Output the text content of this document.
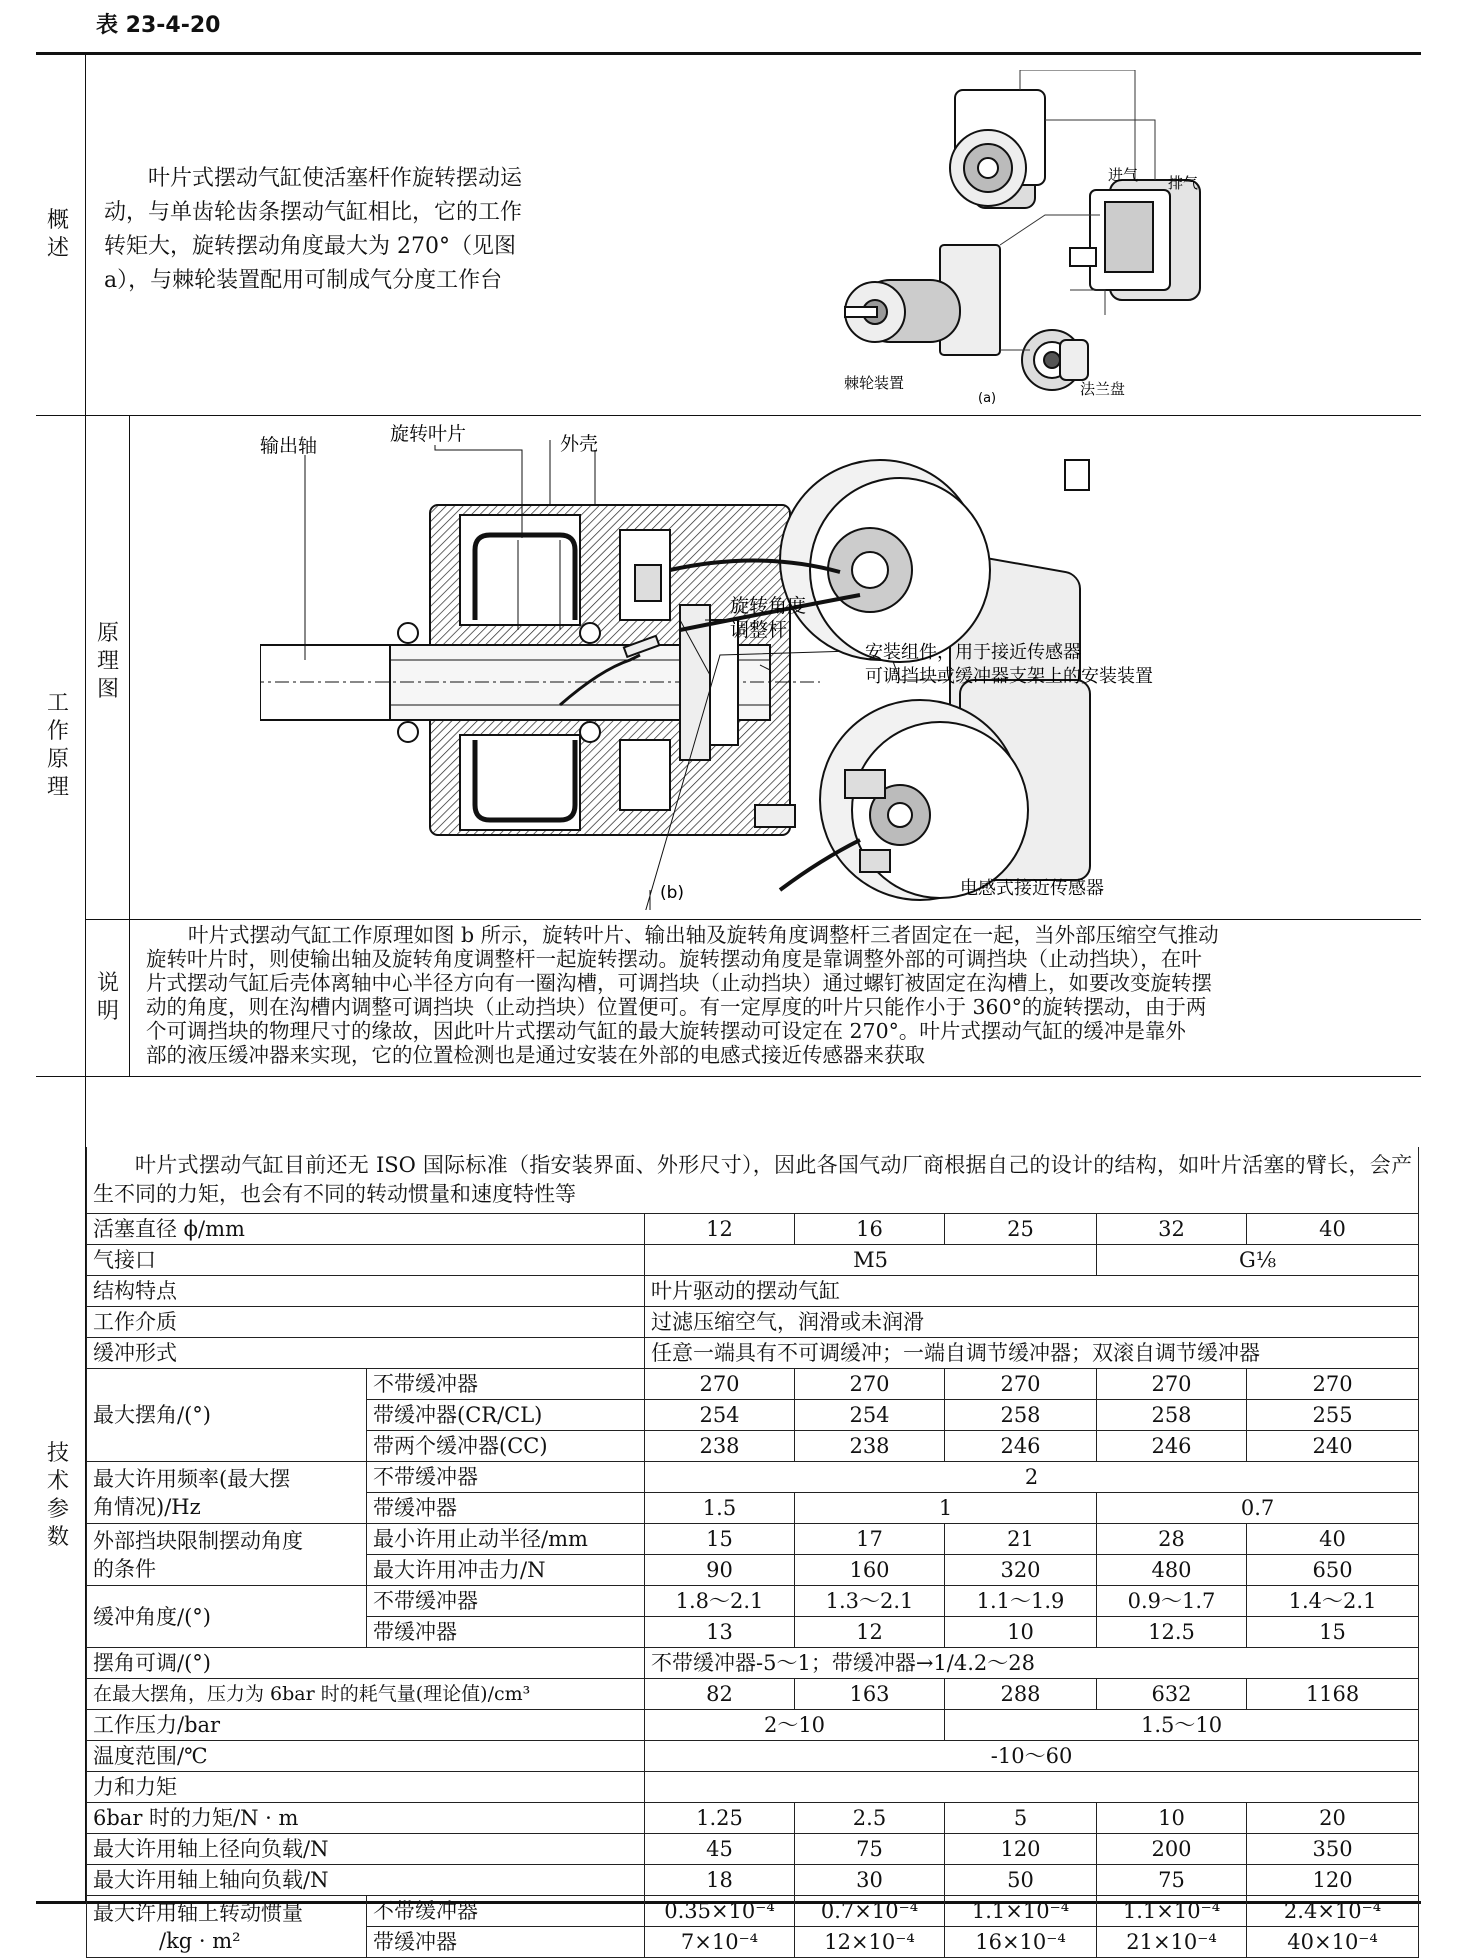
表 23-4-20
概述
工作原理
原理图
说明
技术参数
叶片式摆动气缸使活塞杆作旋转摆动运
动，与单齿轮齿条摆动气缸相比，它的工作
转矩大，旋转摆动角度最大为 270°（见图
a），与棘轮装置配用可制成气分度工作台
进气 排气
棘轮装置
(a)
法兰盘
输出轴
旋转叶片	外壳
旋转角度
调整杆
安装组件，用于接近传感器
可调挡块或缓冲器支架上的安装装置
(b)	电感式接近传感器
叶片式摆动气缸工作原理如图 b 所示，旋转叶片、输出轴及旋转角度调整杆三者固定在一起，当外部压缩空气推动
旋转叶片时，则使输出轴及旋转角度调整杆一起旋转摆动。旋转摆动角度是靠调整外部的可调挡块（止动挡块），在叶
片式摆动气缸后壳体离轴中心半径方向有一圈沟槽，可调挡块（止动挡块）通过螺钉被固定在沟槽上，如要改变旋转摆
动的角度，则在沟槽内调整可调挡块（止动挡块）位置便可。有一定厚度的叶片只能作小于 360°的旋转摆动，由于两
个可调挡块的物理尺寸的缘故，因此叶片式摆动气缸的最大旋转摆动可设定在 270°。叶片式摆动气缸的缓冲是靠外
部的液压缓冲器来实现，它的位置检测也是通过安装在外部的电感式接近传感器来获取
叶片式摆动气缸目前还无 ISO 国际标准（指安装界面、外形尺寸），因此各国气动厂商根据自己的设计的结构，如叶片活塞的臂长，会产生不同的力矩，也会有不同的转动惯量和速度特性等						
活塞直径 ϕ/mm		12	16	25	32	40
气接口		M5			G⅛	
结构特点		叶片驱动的摆动气缸				
工作介质		过滤压缩空气，润滑或未润滑				
缓冲形式		任意一端具有不可调缓冲；一端自调节缓冲器；双滚自调节缓冲器				
最大摆角/(°)	不带缓冲器	270	270	270	270	270
	带缓冲器(CR/CL)	254	254	258	258	255
	带两个缓冲器(CC)	238	238	246	246	240

最大许用频率(最大摆
角情况)/Hz	不带缓冲器	2				
	带缓冲器	1.5	1		0.7	

外部挡块限制摆动角度
的条件	最小许用止动半径/mm	15	17	21	28	40
	最大许用冲击力/N	90	160	320	480	650
缓冲角度/(°)	不带缓冲器	1.8～2.1	1.3～2.1	1.1～1.9	0.9～1.7	1.4～2.1
	带缓冲器	13	12	10	12.5	15
摆角可调/(°)		不带缓冲器-5～1；带缓冲器→1/4.2～28				
在最大摆角，压力为 6bar 时的耗气量(理论值)/cm³		82	163	288	632	1168
工作压力/bar		2～10		1.5～10		
温度范围/℃		-10～60				
力和力矩						
6bar 时的力矩/N · m		1.25	2.5	5	10	20
最大许用轴上径向负载/N		45	75	120	200	350
最大许用轴上轴向负载/N		18	30	50	75	120

最大许用轴上转动惯量
/kg · m²	不带缓冲器	0.35×10⁻⁴	0.7×10⁻⁴	1.1×10⁻⁴	1.1×10⁻⁴	2.4×10⁻⁴
	带缓冲器	7×10⁻⁴	12×10⁻⁴	16×10⁻⁴	21×10⁻⁴	40×10⁻⁴
